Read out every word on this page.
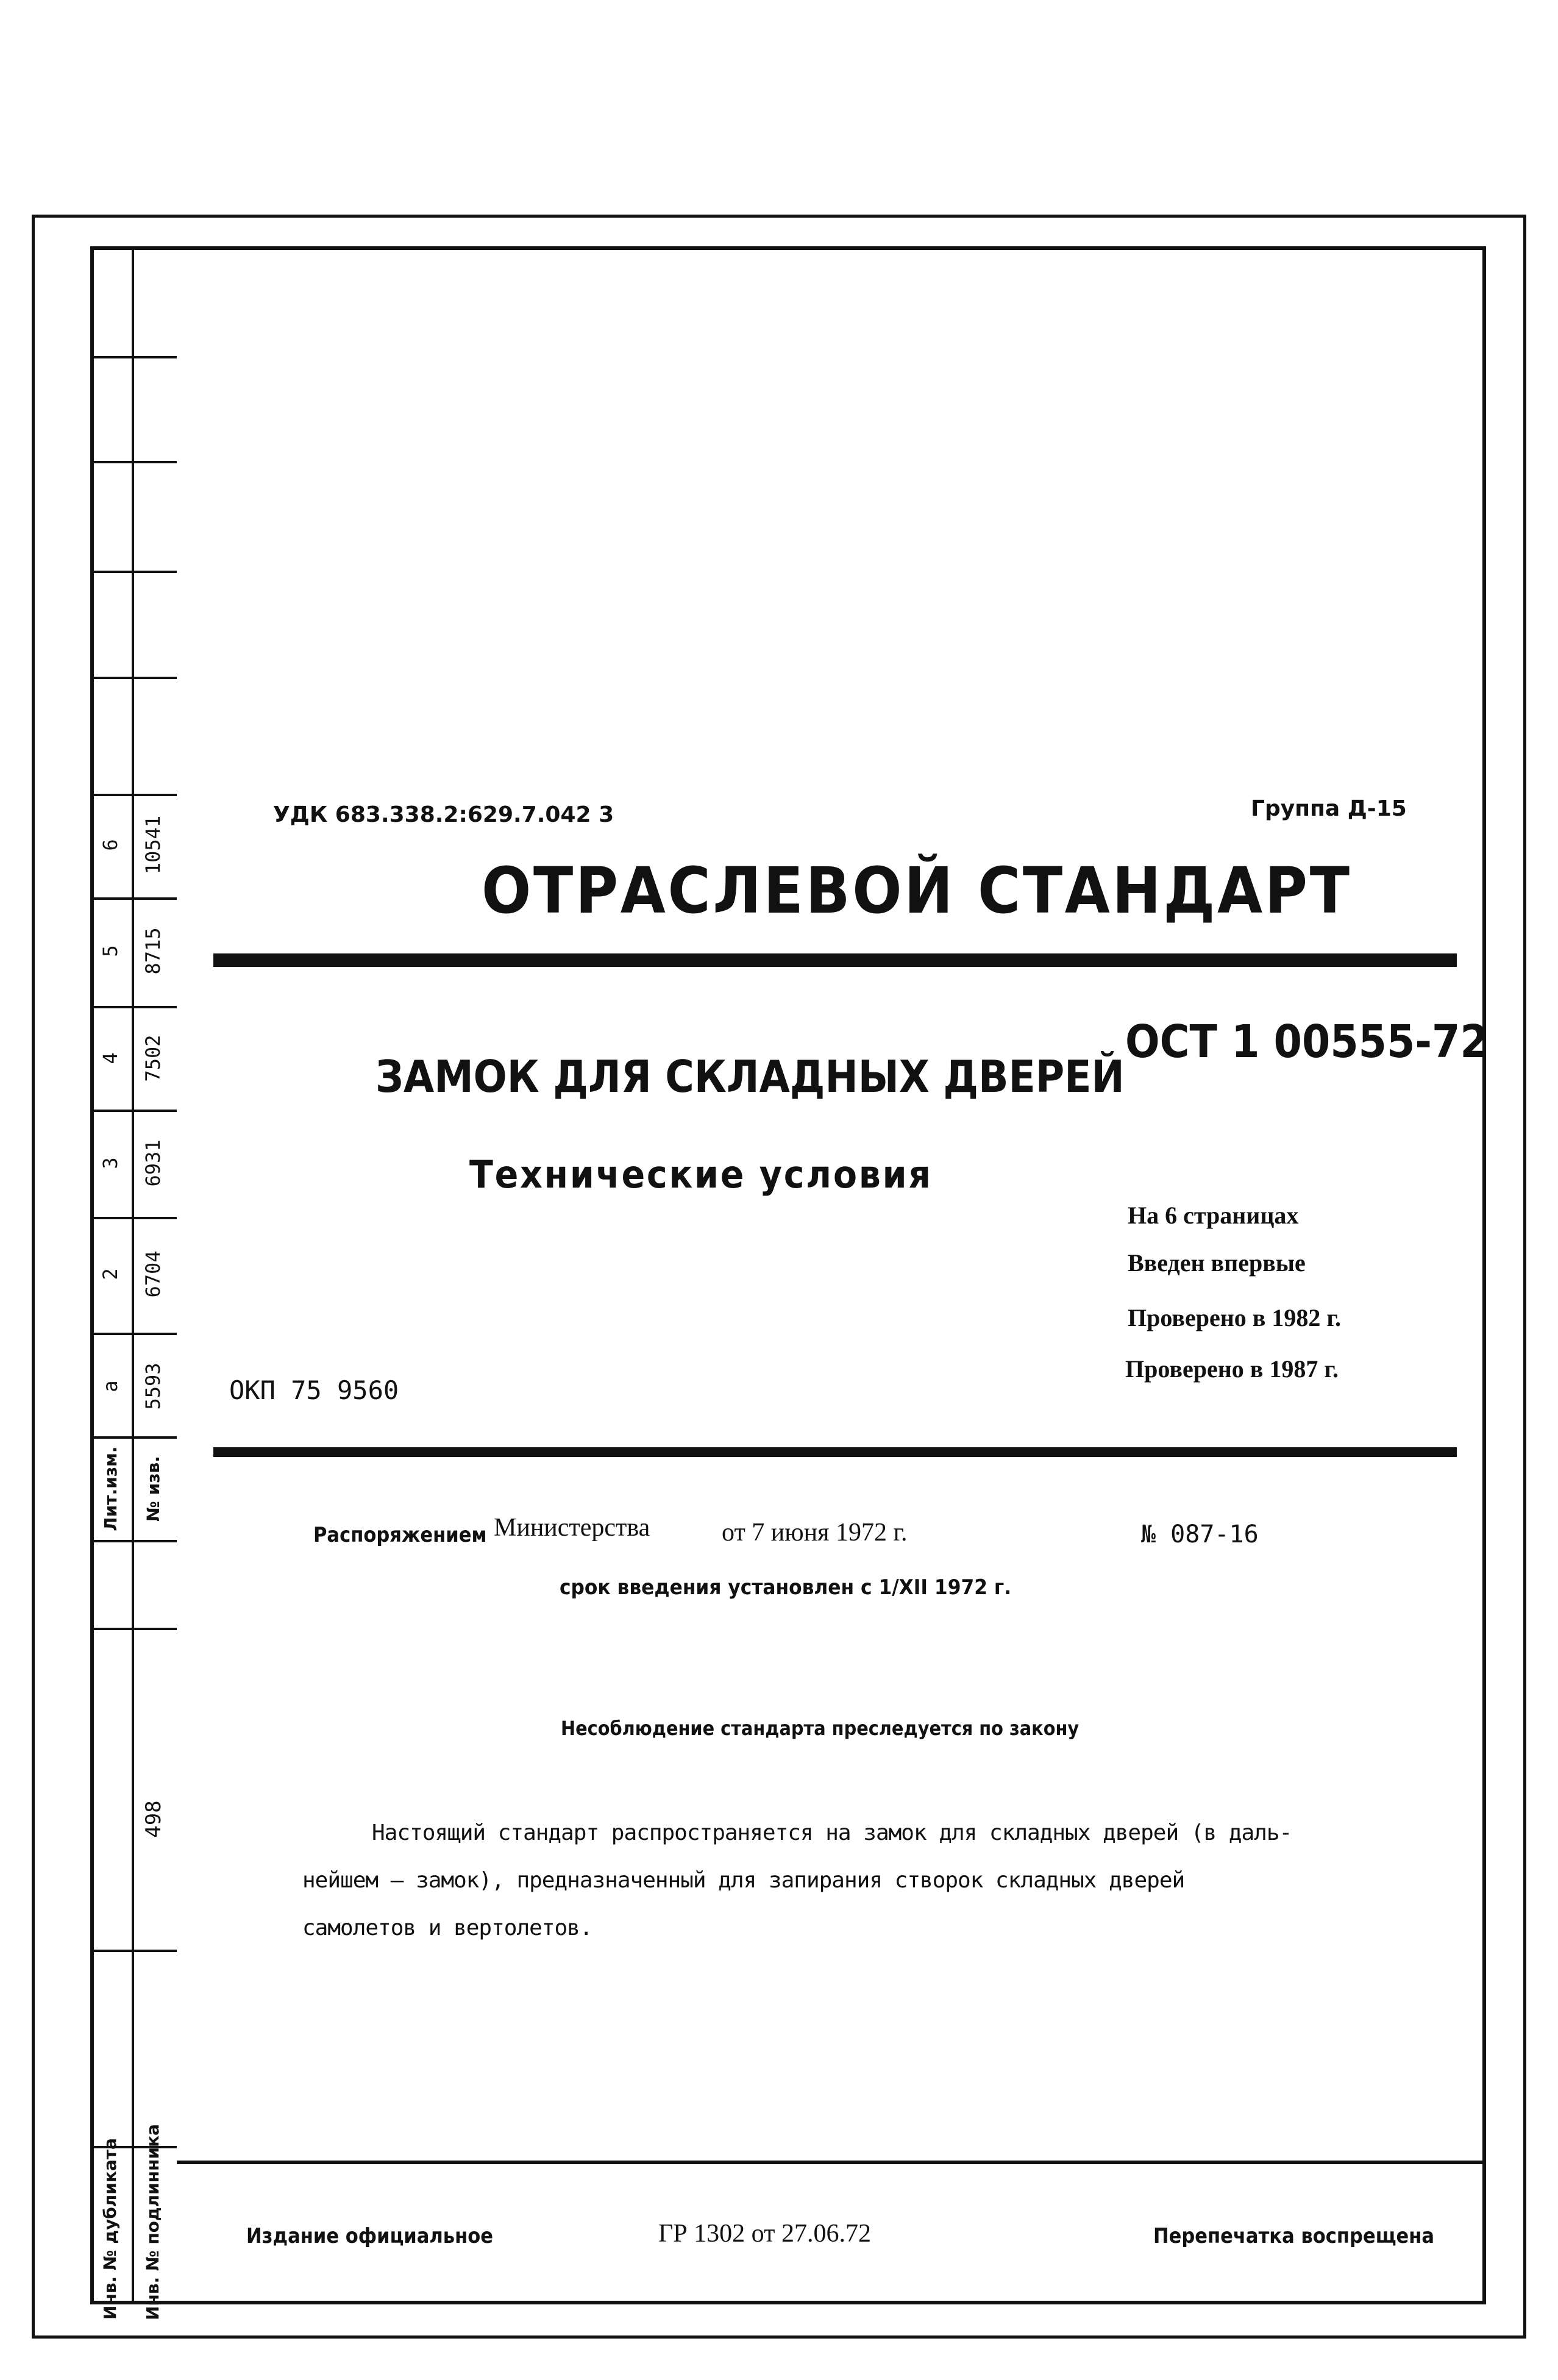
Лит.изм. № изв.
а 5593
2 6704
3 6931
4 7502
5 8715
6 10541
498
Инв. № дубликата Инв. № подлинника
УДК 683.338.2:629.7.042 3	Группа Д-15
ОТРАСЛЕВОЙ СТАНДАРТ
ЗАМОК ДЛЯ СКЛАДНЫХ ДВЕРЕЙ
Технические условия
ОСТ 1 00555-72
На 6 страницах
Введен впервые
Проверено в 1982 г.
Проверено в 1987 г.
ОКП 75 9560
Распоряжением Министерства	от 7 июня 1972 г.	№ 087-16
срок введения установлен с 1/XII 1972 г.
Несоблюдение стандарта преследуется по закону
Настоящий стандарт распространяется на замок для складных дверей (в даль-
нейшем – замок), предназначенный для запирания створок складных дверей
самолетов и вертолетов.
Издание официальное	ГР 1302 от 27.06.72	Перепечатка воспрещена
